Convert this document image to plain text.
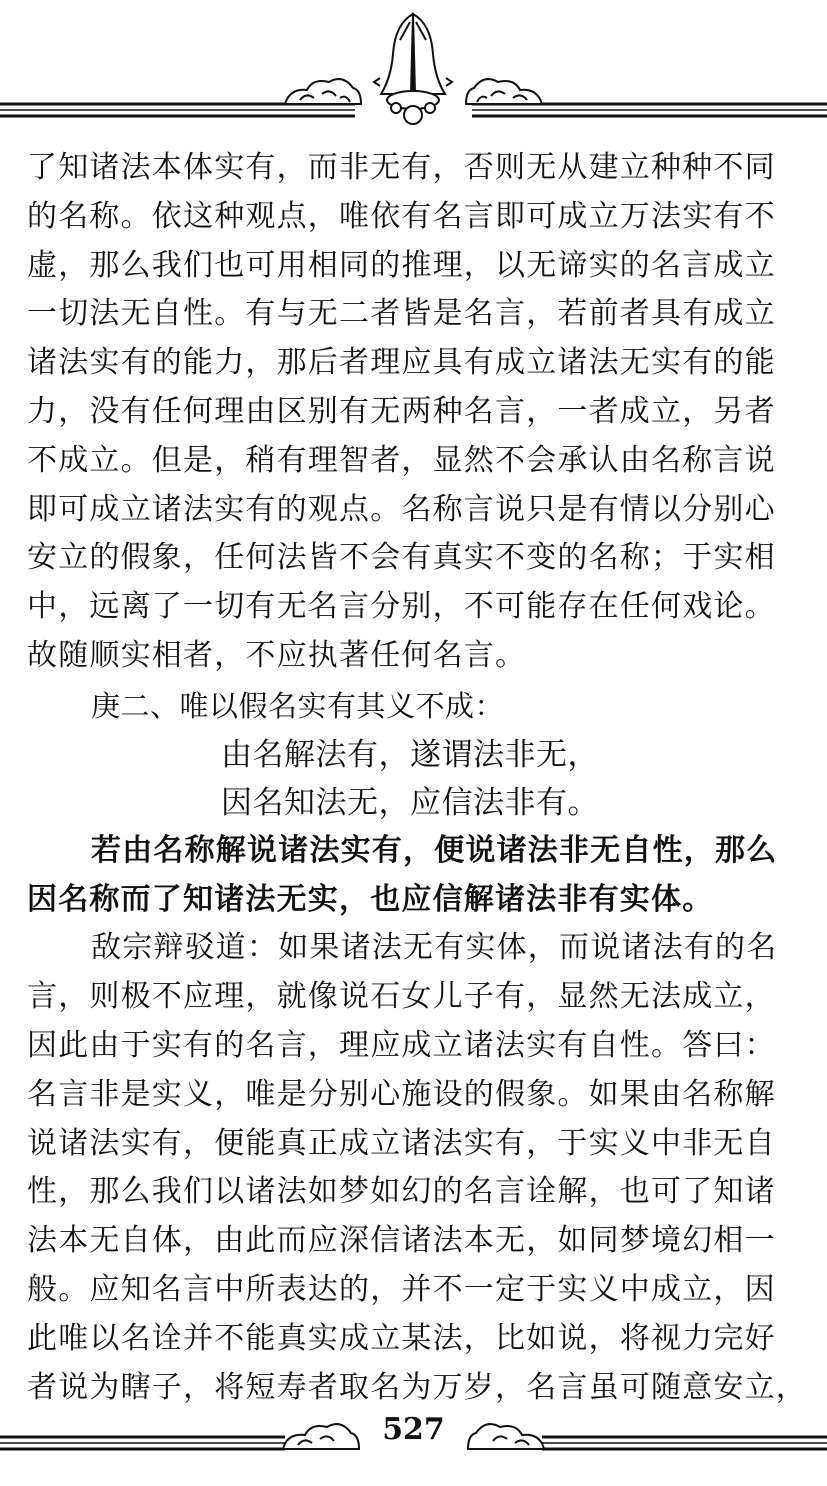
了知诸法本体实有，而非无有，否则无从建立种种不同
的名称。依这种观点，唯依有名言即可成立万法实有不
虚，那么我们也可用相同的推理，以无谛实的名言成立
一切法无自性。有与无二者皆是名言，若前者具有成立
诸法实有的能力，那后者理应具有成立诸法无实有的能
力，没有任何理由区别有无两种名言，一者成立，另者
不成立。但是，稍有理智者，显然不会承认由名称言说
即可成立诸法实有的观点。名称言说只是有情以分别心
安立的假象，任何法皆不会有真实不变的名称；于实相
中，远离了一切有无名言分别，不可能存在任何戏论。
故随顺实相者，不应执著任何名言。
庚二、唯以假名实有其义不成：
由名解法有，遂谓法非无，
因名知法无，应信法非有。
若由名称解说诸法实有，便说诸法非无自性，那么
因名称而了知诸法无实，也应信解诸法非有实体。
敌宗辩驳道：如果诸法无有实体，而说诸法有的名
言，则极不应理，就像说石女儿子有，显然无法成立，
因此由于实有的名言，理应成立诸法实有自性。答曰：
名言非是实义，唯是分别心施设的假象。如果由名称解
说诸法实有，便能真正成立诸法实有，于实义中非无自
性，那么我们以诸法如梦如幻的名言诠解，也可了知诸
法本无自体，由此而应深信诸法本无，如同梦境幻相一
般。应知名言中所表达的，并不一定于实义中成立，因
此唯以名诠并不能真实成立某法，比如说，将视力完好
者说为瞎子，将短寿者取名为万岁，名言虽可随意安立，
527
